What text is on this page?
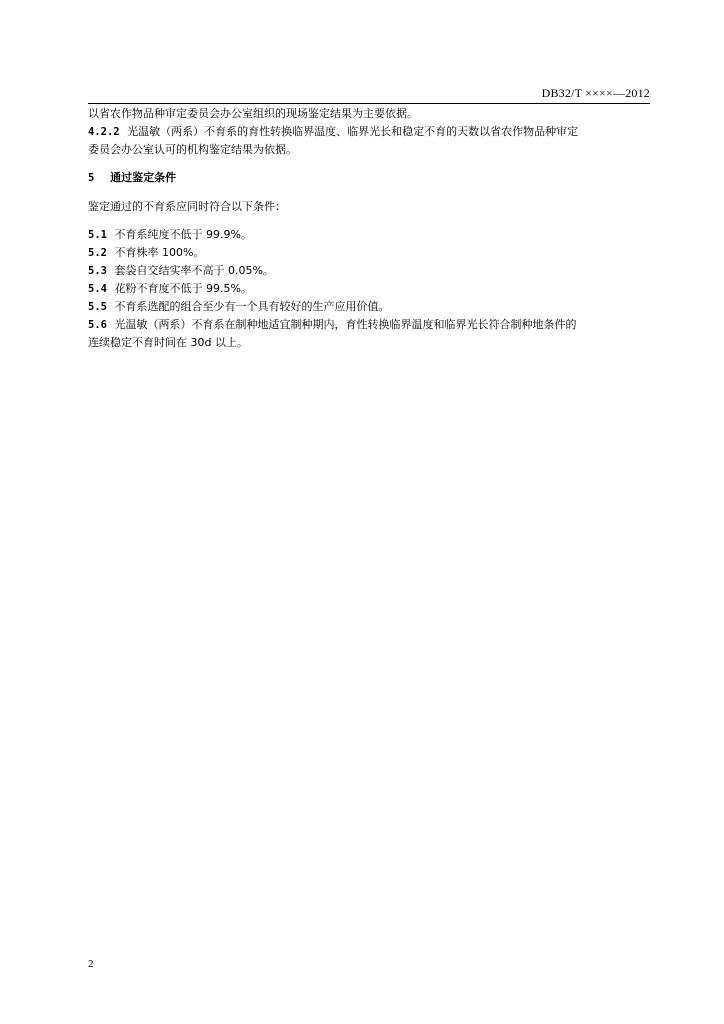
DB32/T ××××—2012

以省农作物品种审定委员会办公室组织的现场鉴定结果为主要依据。

4.2.2 光温敏（两系）不育系的育性转换临界温度、临界光长和稳定不育的天数以省农作物品种审定

委员会办公室认可的机构鉴定结果为依据。

5 通过鉴定条件

鉴定通过的不育系应同时符合以下条件：

5.1 不育系纯度不低于 99.9%。

5.2 不育株率 100%。

5.3 套袋自交结实率不高于 0.05%。

5.4 花粉不育度不低于 99.5%。

5.5 不育系选配的组合至少有一个具有较好的生产应用价值。

5.6 光温敏（两系）不育系在制种地适宜制种期内，育性转换临界温度和临界光长符合制种地条件的

连续稳定不育时间在 30d 以上。

2
